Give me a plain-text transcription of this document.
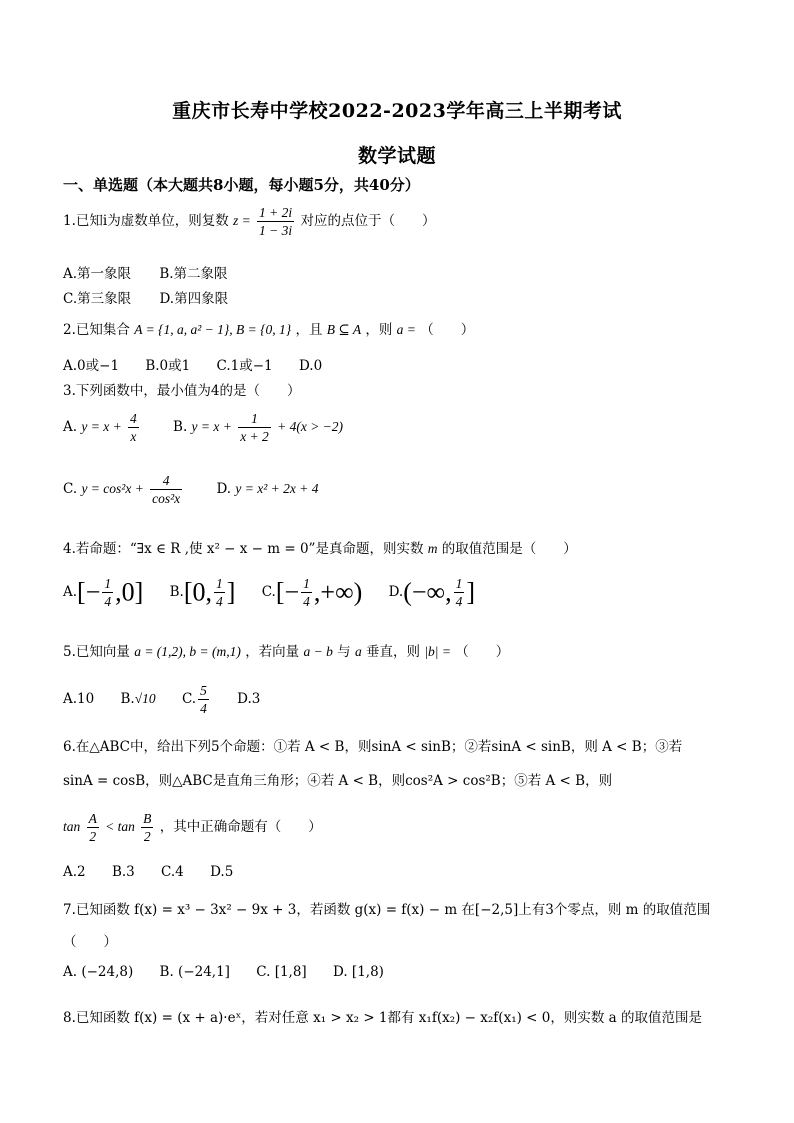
重庆市长寿中学校2022-2023学年高三上半期考试
数学试题
一、单选题（本大题共8小题，每小题5分，共40分）
1.已知i为虚数单位，则复数 $z = \frac{1 + 2i}{1 - 3i}$ 对应的点位于（　　）
A.第一象限 B.第二象限
C.第三象限 D.第四象限
2.已知集合 A = {1, a, a² − 1}, B = {0, 1} ，且 B ⊆ A ，则 a = （　　）
A.0或−1 B.0或1 C.1或−1 D.0
3.下列函数中，最小值为4的是（　　）
A. $y = x + \frac{4}{x}$	B. $y = x + \frac{1}{x + 2} + 4(x > -2)$
C. $y = \cos^2x + \frac{4}{\text{cos²x}}$	D. y = x² + 2x + 4
4.若命题：“∃x ∈ R ,使 x² − x − m = 0”是真命题，则实数 m 的取值范围是（　　）
$A.[- \frac{1}{4} ,0]$ B.[0, $\frac{1}{4}$ ] $C.[- \frac{1}{4}$ ,+∞) D.(−∞, $\frac{1}{4}$ ]
5.已知向量 a = (1,2), b = (m,1) ，若向量 a − b 与 a 垂直，则 |b| = （　　）
A.10 B.√10 C. $\frac{5}{4} D.3$
6.在△ABC中，给出下列5个命题：①若 A < B，则sinA < sinB；②若sinA < sinB，则 A < B；③若
sinA = cosB，则△ABC是直角三角形；④若 A < B，则cos²A > cos²B；⑤若 A < B，则
$\tan \frac{A}{2} < \tan \frac{B}{2}$ ，其中正确命题有（　　）
A.2 B.3 C.4 D.5
7.已知函数 f(x) = x³ − 3x² − 9x + 3，若函数 g(x) = f(x) − m 在[−2,5]上有3个零点，则 m 的取值范围
（　　）
A. (−24,8) B. (−24,1] C. [1,8] D. [1,8)
8.已知函数 f(x) = (x + a)·eˣ，若对任意 x₁ > x₂ > 1都有 x₁f(x₂) − x₂f(x₁) < 0，则实数 a 的取值范围是
